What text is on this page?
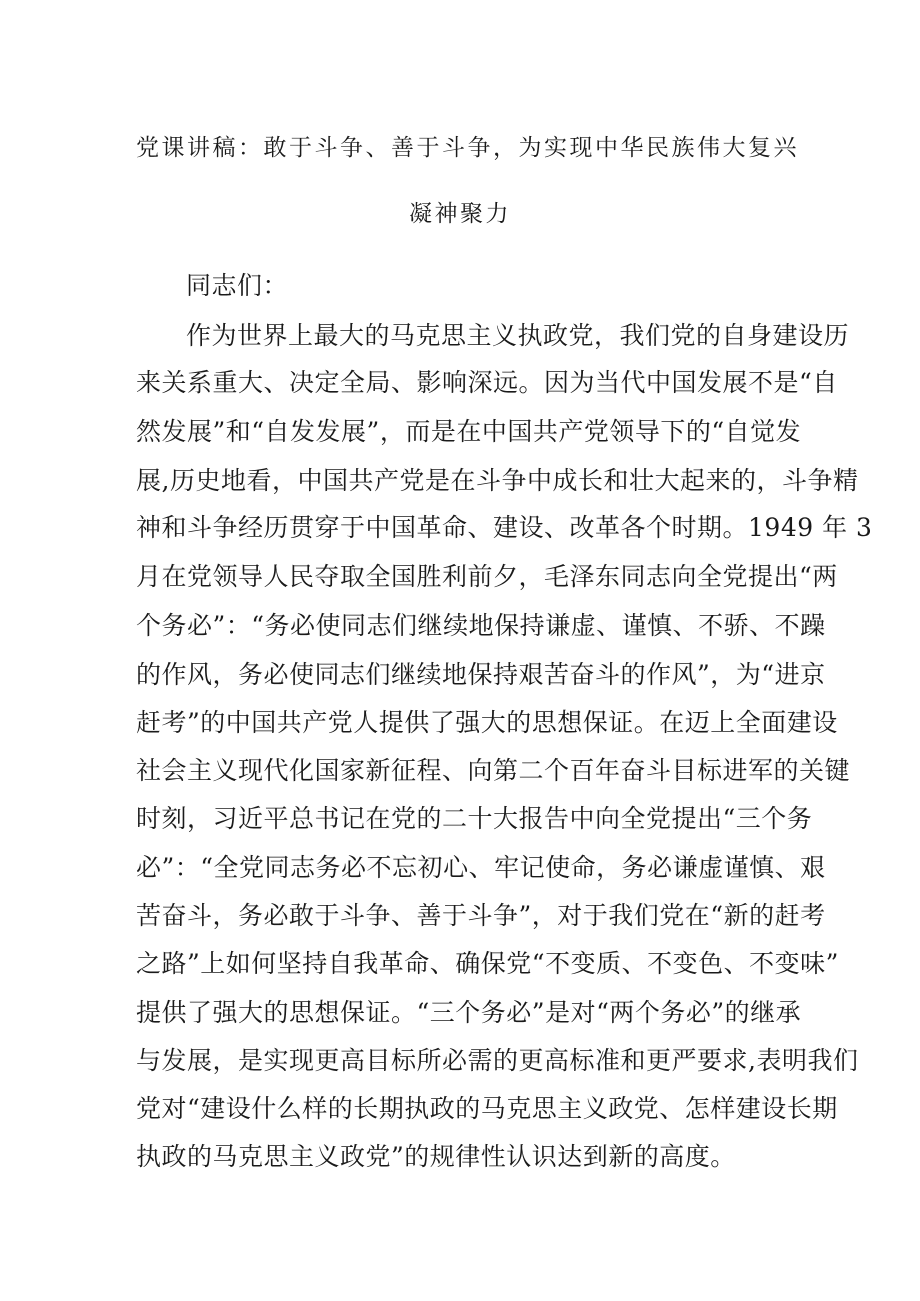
党课讲稿：敢于斗争、善于斗争，为实现中华民族伟大复兴
凝神聚力
同志们：
作为世界上最大的马克思主义执政党，我们党的自身建设历
来关系重大、决定全局、影响深远。因为当代中国发展不是“自
然发展”和“自发发展”，而是在中国共产党领导下的“自觉发
展,历史地看，中国共产党是在斗争中成长和壮大起来的，斗争精
神和斗争经历贯穿于中国革命、建设、改革各个时期。1949 年 3
月在党领导人民夺取全国胜利前夕，毛泽东同志向全党提出“两
个务必”：“务必使同志们继续地保持谦虚、谨慎、不骄、不躁
的作风，务必使同志们继续地保持艰苦奋斗的作风”，为“进京
赶考”的中国共产党人提供了强大的思想保证。在迈上全面建设
社会主义现代化国家新征程、向第二个百年奋斗目标进军的关键
时刻，习近平总书记在党的二十大报告中向全党提出“三个务
必”：“全党同志务必不忘初心、牢记使命，务必谦虚谨慎、艰
苦奋斗，务必敢于斗争、善于斗争”，对于我们党在“新的赶考
之路”上如何坚持自我革命、确保党“不变质、不变色、不变味”
提供了强大的思想保证。“三个务必”是对“两个务必”的继承
与发展，是实现更高目标所必需的更高标准和更严要求,表明我们
党对“建设什么样的长期执政的马克思主义政党、怎样建设长期
执政的马克思主义政党”的规律性认识达到新的高度。
